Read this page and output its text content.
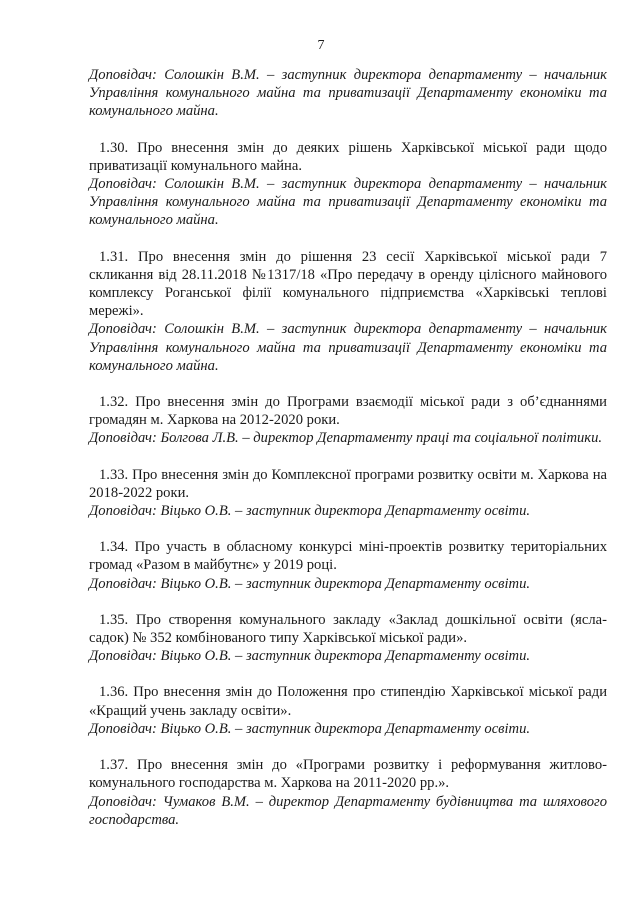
7

Доповідач: Солошкін В.М. – заступник директора департаменту – начальник Управління комунального майна та приватизації Департаменту економіки та комунального майна.

1.30. Про внесення змін до деяких рішень Харківської міської ради щодо приватизації комунального майна.

Доповідач: Солошкін В.М. – заступник директора департаменту – начальник Управління комунального майна та приватизації Департаменту економіки та комунального майна.

1.31. Про внесення змін до рішення 23 сесії Харківської міської ради 7 скликання від 28.11.2018 №1317/18 «Про передачу в оренду цілісного майнового комплексу Роганської філії комунального підприємства «Харківські теплові мережі».

Доповідач: Солошкін В.М. – заступник директора департаменту – начальник Управління комунального майна та приватизації Департаменту економіки та комунального майна.

1.32. Про внесення змін до Програми взаємодії міської ради з об’єднаннями громадян м. Харкова на 2012-2020 роки.

Доповідач: Болгова Л.В. – директор Департаменту праці та соціальної політики.

1.33. Про внесення змін до Комплексної програми розвитку освіти м. Харкова на 2018-2022 роки.

Доповідач: Віцько О.В. – заступник директора Департаменту освіти.

1.34. Про участь в обласному конкурсі міні-проектів розвитку територіальних громад «Разом в майбутнє» у 2019 році.

Доповідач: Віцько О.В. – заступник директора Департаменту освіти.

1.35. Про створення комунального закладу «Заклад дошкільної освіти (ясла-садок) № 352 комбінованого типу Харківської міської ради».

Доповідач: Віцько О.В. – заступник директора Департаменту освіти.

1.36. Про внесення змін до Положення про стипендію Харківської міської ради «Кращий учень закладу освіти».

Доповідач: Віцько О.В. – заступник директора Департаменту освіти.

1.37. Про внесення змін до «Програми розвитку і реформування житлово-комунального господарства м. Харкова на 2011-2020 рр.».

Доповідач: Чумаков В.М. – директор Департаменту будівництва та шляхового господарства.
